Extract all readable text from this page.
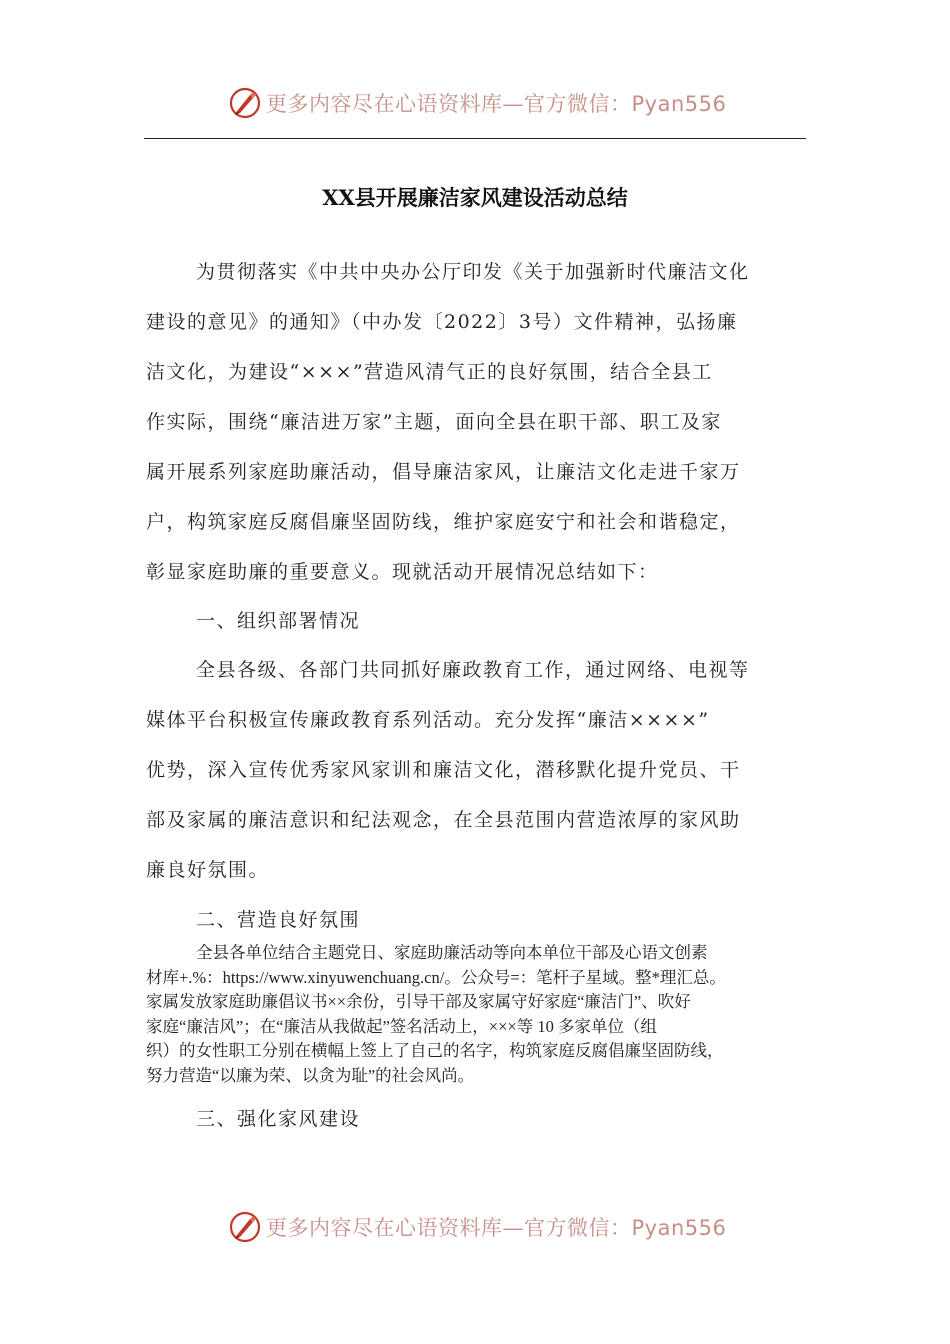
更多内容尽在心语资料库—官方微信：Pyan556
XX县开展廉洁家风建设活动总结
为贯彻落实《中共中央办公厅印发《关于加强新时代廉洁文化
建设的意见》的通知》（中办发〔2022〕3号）文件精神，弘扬廉
洁文化，为建设“×××”营造风清气正的良好氛围，结合全县工
作实际，围绕“廉洁进万家”主题，面向全县在职干部、职工及家
属开展系列家庭助廉活动，倡导廉洁家风，让廉洁文化走进千家万
户，构筑家庭反腐倡廉坚固防线，维护家庭安宁和社会和谐稳定，
彰显家庭助廉的重要意义。现就活动开展情况总结如下：
一、组织部署情况
全县各级、各部门共同抓好廉政教育工作，通过网络、电视等
媒体平台积极宣传廉政教育系列活动。充分发挥“廉洁××××”
优势，深入宣传优秀家风家训和廉洁文化，潜移默化提升党员、干
部及家属的廉洁意识和纪法观念，在全县范围内营造浓厚的家风助
廉良好氛围。
二、营造良好氛围
全县各单位结合主题党日、家庭助廉活动等向本单位干部及心语文创素
材库+.%：https://www.xinyuwenchuang.cn/。公众号=：笔杆子星域。整*理汇总。
家属发放家庭助廉倡议书××余份，引导干部及家属守好家庭“廉洁门”、吹好
家庭“廉洁风”；在“廉洁从我做起”签名活动上，×××等 10 多家单位（组
织）的女性职工分别在横幅上签上了自己的名字，构筑家庭反腐倡廉坚固防线，
努力营造“以廉为荣、以贪为耻”的社会风尚。
三、强化家风建设
更多内容尽在心语资料库—官方微信：Pyan556
